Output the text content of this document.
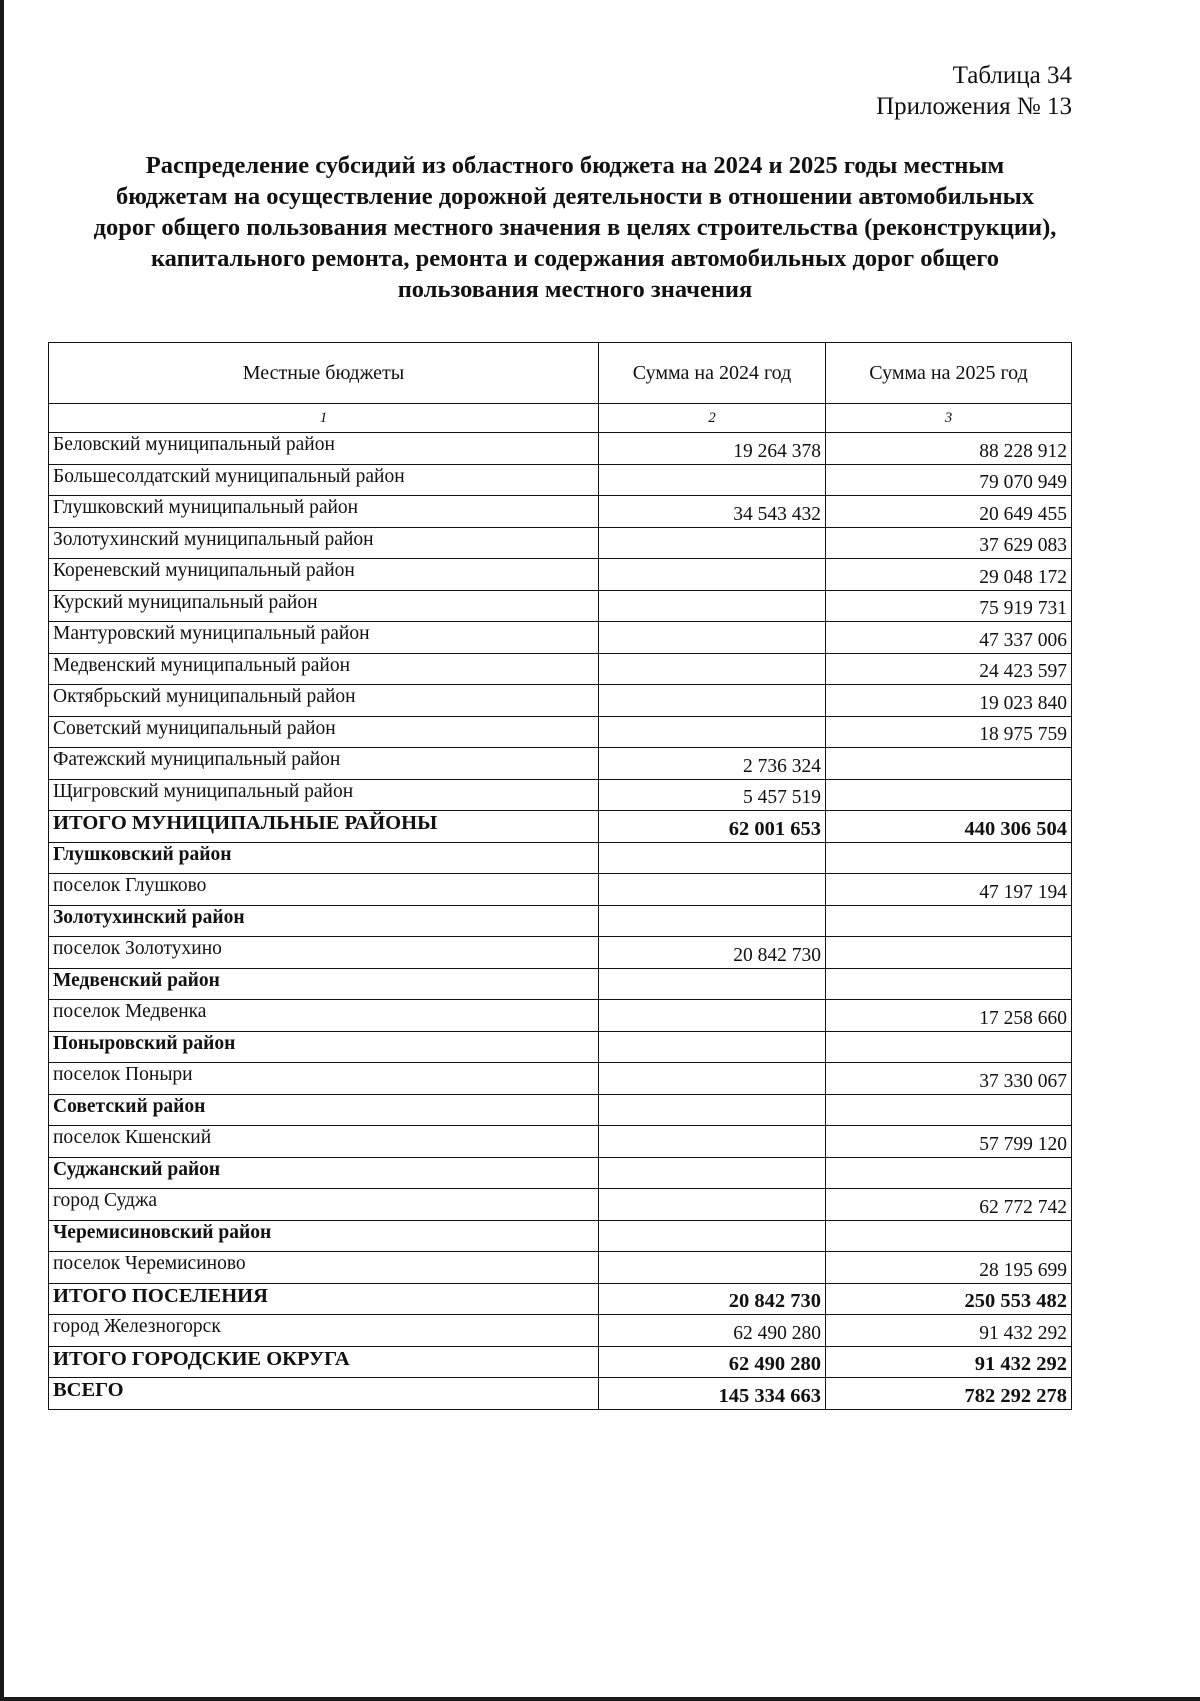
Таблица 34
Приложения № 13
Распределение субсидий из областного бюджета на 2024 и 2025 годы местным
бюджетам на осуществление дорожной деятельности в отношении автомобильных
дорог общего пользования местного значения в целях строительства (реконструкции),
капитального ремонта, ремонта и содержания автомобильных дорог общего
пользования местного значения
Местные бюджеты	Сумма на 2024 год	Сумма на 2025 год
1	2	3
Беловский муниципальный район	19 264 378	88 228 912
Большесолдатский муниципальный район		79 070 949
Глушковский муниципальный район	34 543 432	20 649 455
Золотухинский муниципальный район		37 629 083
Кореневский муниципальный район		29 048 172
Курский муниципальный район		75 919 731
Мантуровский муниципальный район		47 337 006
Медвенский муниципальный район		24 423 597
Октябрьский муниципальный район		19 023 840
Советский муниципальный район		18 975 759
Фатежский муниципальный район	2 736 324	
Щигровский муниципальный район	5 457 519	
ИТОГО МУНИЦИПАЛЬНЫЕ РАЙОНЫ	62 001 653	440 306 504
Глушковский район		
поселок Глушково		47 197 194
Золотухинский район		
поселок Золотухино	20 842 730	
Медвенский район		
поселок Медвенка		17 258 660
Поныровский район		
поселок Поныри		37 330 067
Советский район		
поселок Кшенский		57 799 120
Суджанский район		
город Суджа		62 772 742
Черемисиновский район		
поселок Черемисиново		28 195 699
ИТОГО ПОСЕЛЕНИЯ	20 842 730	250 553 482
город Железногорск	62 490 280	91 432 292
ИТОГО ГОРОДСКИЕ ОКРУГА	62 490 280	91 432 292
ВСЕГО	145 334 663	782 292 278
